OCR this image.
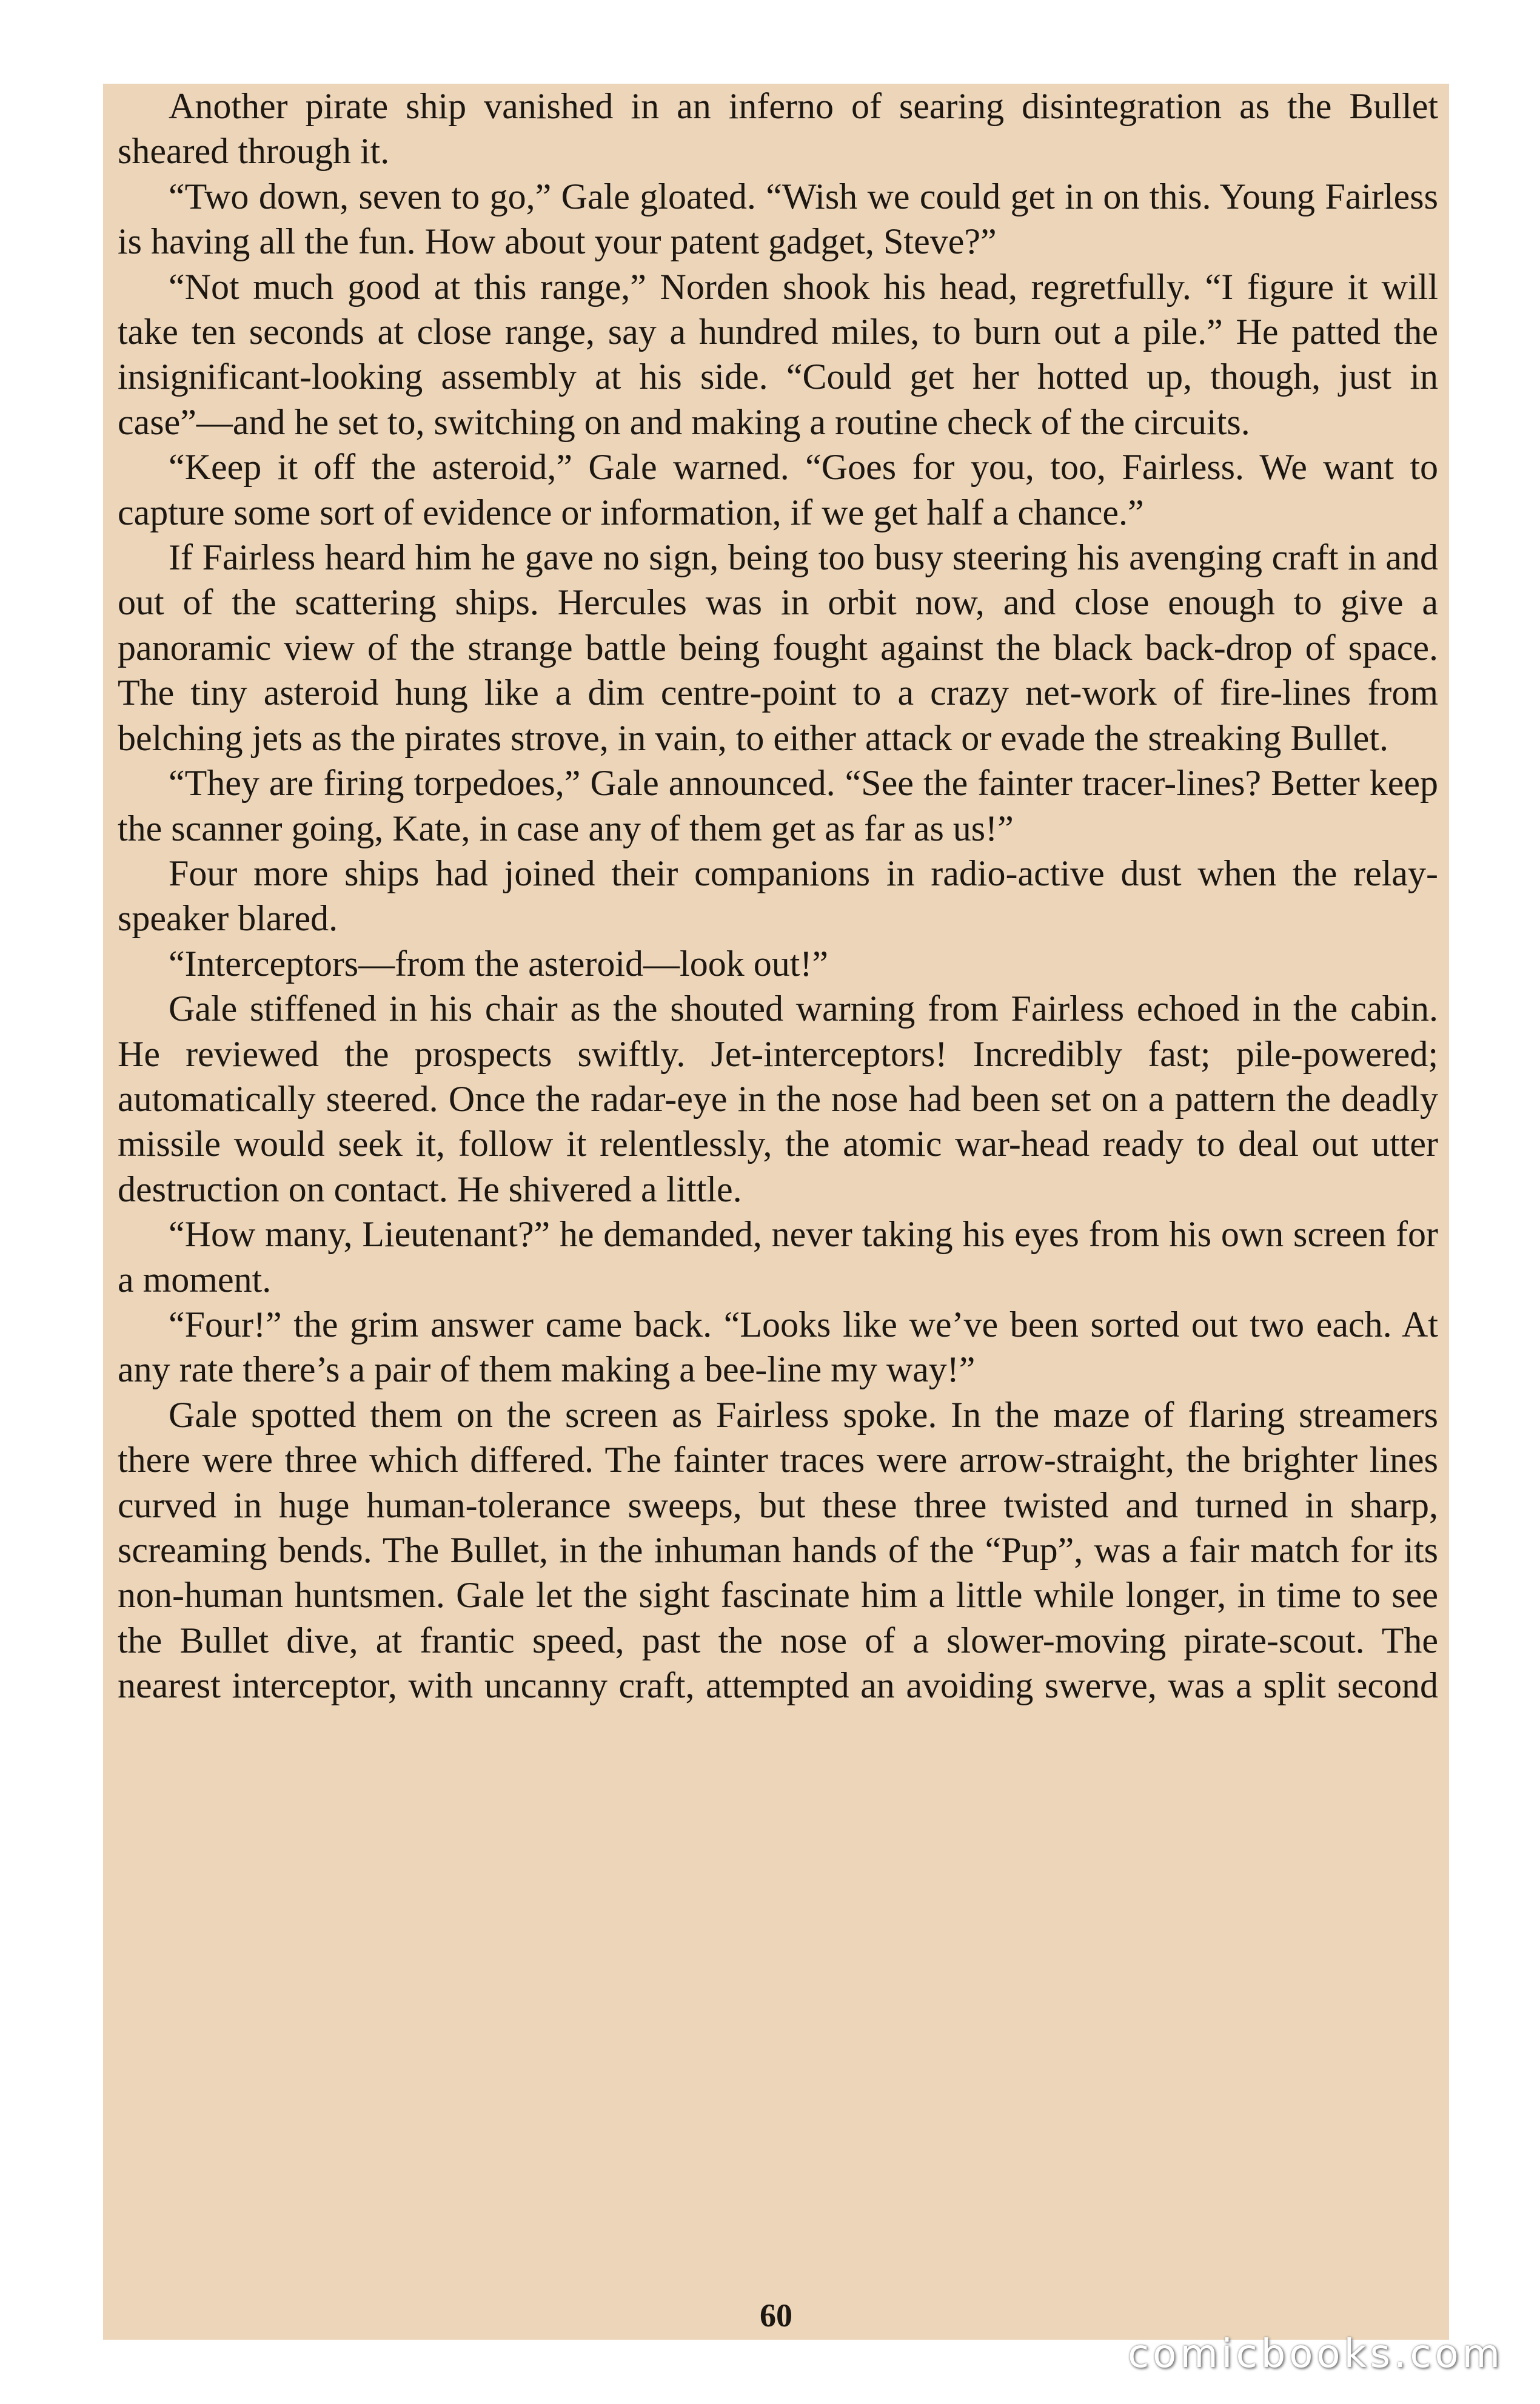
Another pirate ship vanished in an inferno of searing disintegration as the Bullet sheared through it.

“Two down, seven to go,” Gale gloated. “Wish we could get in on this. Young Fairless is having all the fun. How about your patent gadget, Steve?”

“Not much good at this range,” Norden shook his head, regretfully. “I figure it will take ten seconds at close range, say a hundred miles, to burn out a pile.” He patted the insignificant-looking assembly at his side. “Could get her hotted up, though, just in case”—and he set to, switching on and making a routine check of the circuits.

“Keep it off the asteroid,” Gale warned. “Goes for you, too, Fairless. We want to capture some sort of evidence or information, if we get half a chance.”

If Fairless heard him he gave no sign, being too busy steering his avenging craft in and out of the scattering ships. Hercules was in orbit now, and close enough to give a panoramic view of the strange battle being fought against the black back-drop of space. The tiny asteroid hung like a dim centre-point to a crazy net-work of fire-lines from belching jets as the pirates strove, in vain, to either attack or evade the streaking Bullet.

“They are firing torpedoes,” Gale announced. “See the fainter tracer-lines? Better keep the scanner going, Kate, in case any of them get as far as us!”

Four more ships had joined their companions in radio-active dust when the relay-speaker blared.

“Interceptors—from the asteroid—look out!”

Gale stiffened in his chair as the shouted warning from Fairless echoed in the cabin. He reviewed the prospects swiftly. Jet-interceptors! Incredibly fast; pile-powered; automatically steered. Once the radar-eye in the nose had been set on a pattern the deadly missile would seek it, follow it relentlessly, the atomic war-head ready to deal out utter destruction on contact. He shivered a little.

“How many, Lieutenant?” he demanded, never taking his eyes from his own screen for a moment.

“Four!” the grim answer came back. “Looks like we’ve been sorted out two each. At any rate there’s a pair of them making a bee-line my way!”

Gale spotted them on the screen as Fairless spoke. In the maze of flaring streamers there were three which differed. The fainter traces were arrow-straight, the brighter lines curved in huge human-tolerance sweeps, but these three twisted and turned in sharp, screaming bends. The Bullet, in the inhuman hands of the “Pup”, was a fair match for its non-human huntsmen. Gale let the sight fascinate him a little while longer, in time to see the Bullet dive, at frantic speed, past the nose of a slower-moving pirate-scout. The nearest interceptor, with uncanny craft, attempted an avoiding swerve, was a split second

60
comicbooks.com
